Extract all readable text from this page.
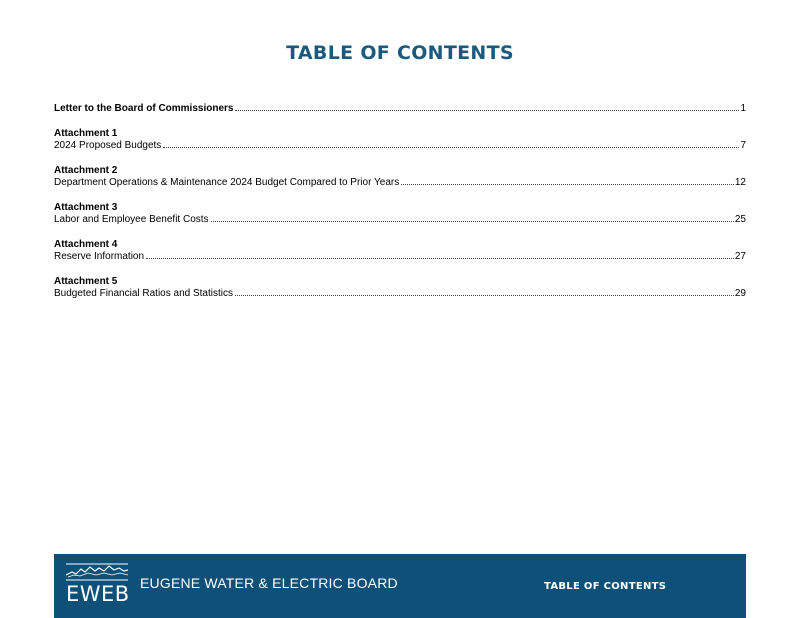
TABLE OF CONTENTS
Letter to the Board of Commissioners	1
Attachment 1
2024 Proposed Budgets	7
Attachment 2
Department Operations & Maintenance 2024 Budget Compared to Prior Years	12
Attachment 3
Labor and Employee Benefit Costs	25
Attachment 4
Reserve Information	27
Attachment 5
Budgeted Financial Ratios and Statistics	29
EWEB EUGENE WATER & ELECTRIC BOARD	TABLE OF CONTENTS
